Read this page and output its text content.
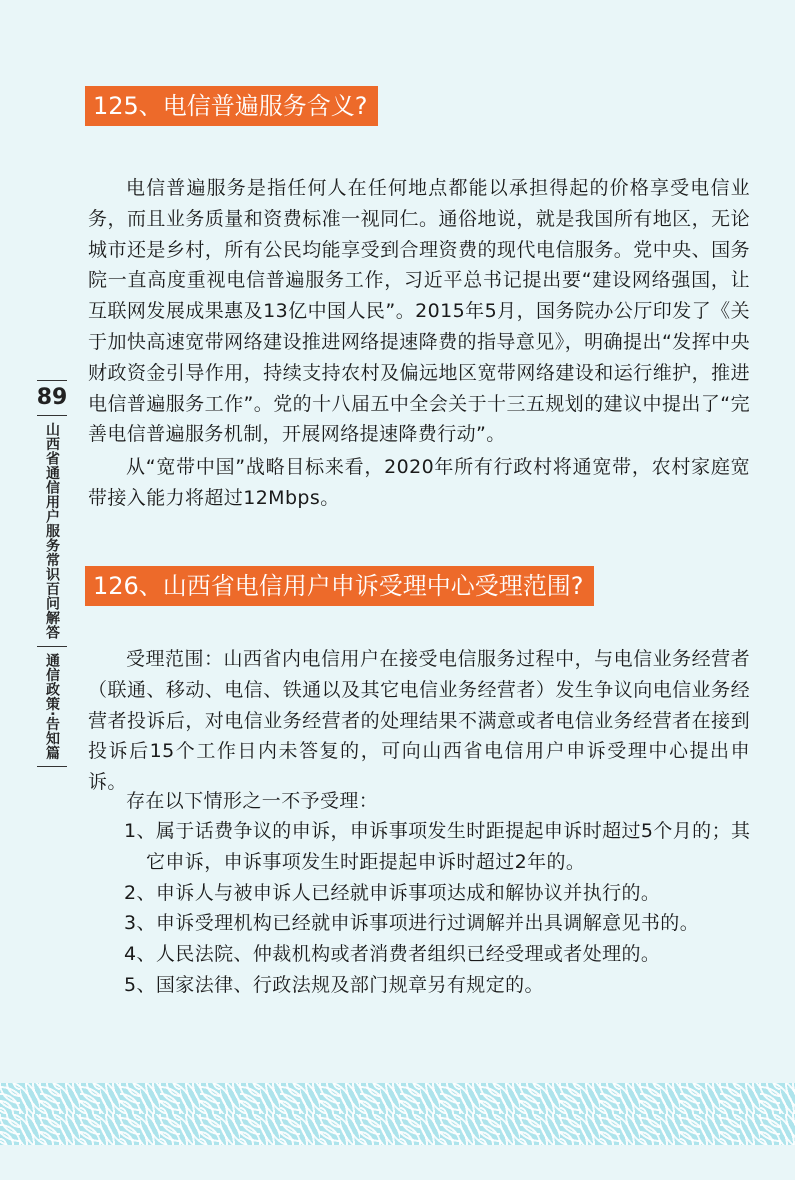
125、电信普遍服务含义?

电信普遍服务是指任何人在任何地点都能以承担得起的价格享受电信业务，而且业务质量和资费标准一视同仁。通俗地说，就是我国所有地区，无论城市还是乡村，所有公民均能享受到合理资费的现代电信服务。党中央、国务院一直高度重视电信普遍服务工作，习近平总书记提出要“建设网络强国，让互联网发展成果惠及13亿中国人民”。2015年5月，国务院办公厅印发了《关于加快高速宽带网络建设推进网络提速降费的指导意见》，明确提出“发挥中央财政资金引导作用，持续支持农村及偏远地区宽带网络建设和运行维护，推进电信普遍服务工作”。党的十八届五中全会关于十三五规划的建议中提出了“完善电信普遍服务机制，开展网络提速降费行动”。

从“宽带中国”战略目标来看，2020年所有行政村将通宽带，农村家庭宽带接入能力将超过12Mbps。

126、山西省电信用户申诉受理中心受理范围?

受理范围：山西省内电信用户在接受电信服务过程中，与电信业务经营者（联通、移动、电信、铁通以及其它电信业务经营者）发生争议向电信业务经营者投诉后，对电信业务经营者的处理结果不满意或者电信业务经营者在接到投诉后15个工作日内未答复的，可向山西省电信用户申诉受理中心提出申诉。

存在以下情形之一不予受理：

1、属于话费争议的申诉，申诉事项发生时距提起申诉时超过5个月的；其它申诉，申诉事项发生时距提起申诉时超过2年的。
2、申诉人与被申诉人已经就申诉事项达成和解协议并执行的。
3、申诉受理机构已经就申诉事项进行过调解并出具调解意见书的。
4、人民法院、仲裁机构或者消费者组织已经受理或者处理的。
5、国家法律、行政法规及部门规章另有规定的。
89
山西省通信用户服务常识百问解答
通信政策·告知篇
